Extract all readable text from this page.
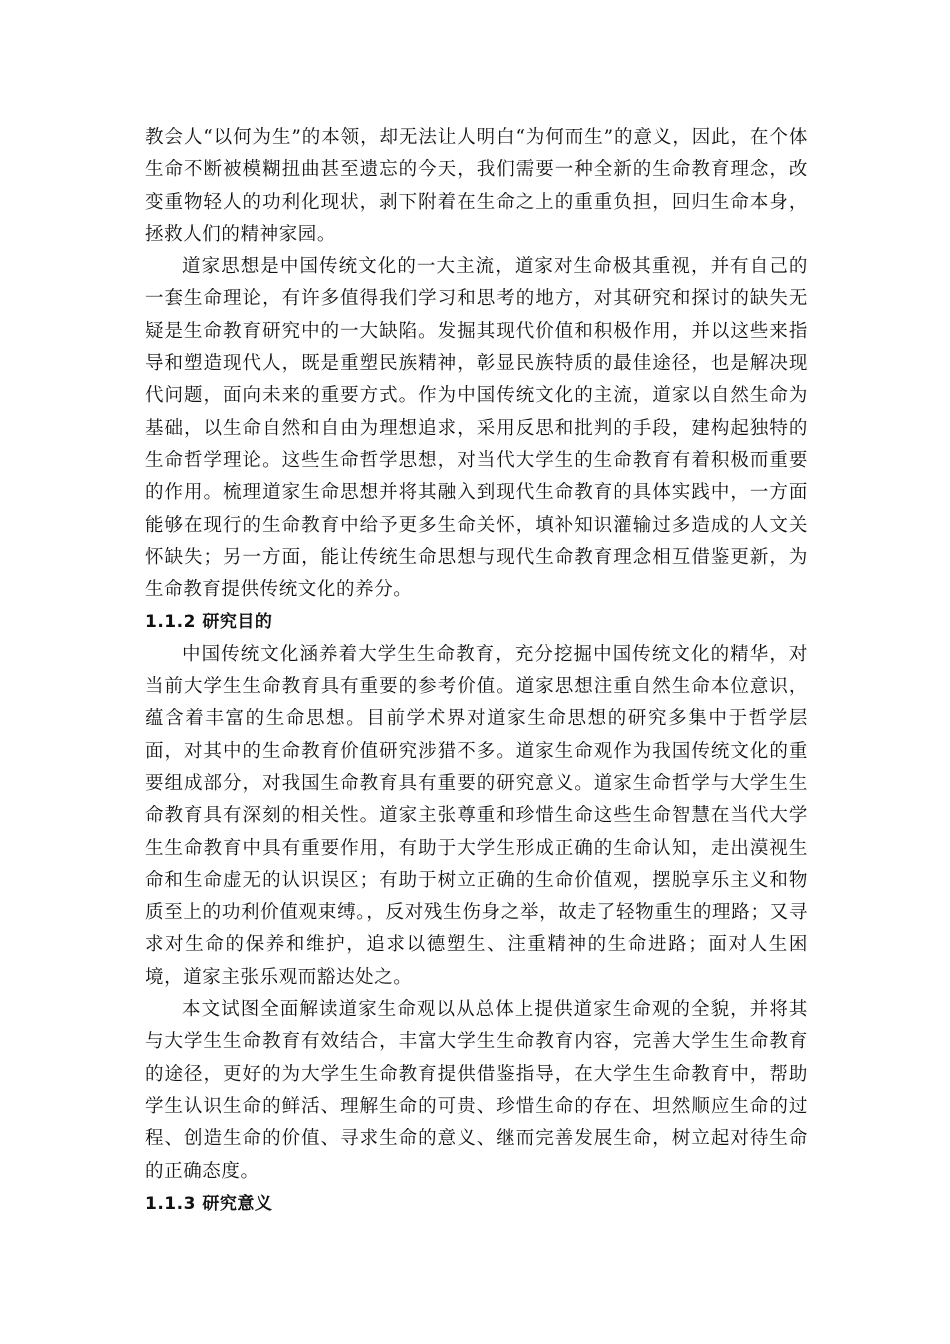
教会人“以何为生”的本领，却无法让人明白“为何而生”的意义，因此，在个体生命不断被模糊扭曲甚至遗忘的今天，我们需要一种全新的生命教育理念，改变重物轻人的功利化现状，剥下附着在生命之上的重重负担，回归生命本身，拯救人们的精神家园。

道家思想是中国传统文化的一大主流，道家对生命极其重视，并有自己的一套生命理论，有许多值得我们学习和思考的地方，对其研究和探讨的缺失无疑是生命教育研究中的一大缺陷。发掘其现代价值和积极作用，并以这些来指导和塑造现代人，既是重塑民族精神，彰显民族特质的最佳途径，也是解决现代问题，面向未来的重要方式。作为中国传统文化的主流，道家以自然生命为基础，以生命自然和自由为理想追求，采用反思和批判的手段，建构起独特的生命哲学理论。这些生命哲学思想，对当代大学生的生命教育有着积极而重要的作用。梳理道家生命思想并将其融入到现代生命教育的具体实践中，一方面能够在现行的生命教育中给予更多生命关怀，填补知识灌输过多造成的人文关怀缺失；另一方面，能让传统生命思想与现代生命教育理念相互借鉴更新，为生命教育提供传统文化的养分。

1.1.2 研究目的

中国传统文化涵养着大学生生命教育，充分挖掘中国传统文化的精华，对当前大学生生命教育具有重要的参考价值。道家思想注重自然生命本位意识，蕴含着丰富的生命思想。目前学术界对道家生命思想的研究多集中于哲学层面，对其中的生命教育价值研究涉猎不多。道家生命观作为我国传统文化的重要组成部分，对我国生命教育具有重要的研究意义。道家生命哲学与大学生生命教育具有深刻的相关性。道家主张尊重和珍惜生命这些生命智慧在当代大学生生命教育中具有重要作用，有助于大学生形成正确的生命认知，走出漠视生命和生命虚无的认识误区；有助于树立正确的生命价值观，摆脱享乐主义和物质至上的功利价值观束缚。，反对残生伤身之举，故走了轻物重生的理路；又寻求对生命的保养和维护，追求以德塑生、注重精神的生命进路；面对人生困境，道家主张乐观而豁达处之。

本文试图全面解读道家生命观以从总体上提供道家生命观的全貌，并将其与大学生生命教育有效结合，丰富大学生生命教育内容，完善大学生生命教育的途径，更好的为大学生生命教育提供借鉴指导，在大学生生命教育中，帮助学生认识生命的鲜活、理解生命的可贵、珍惜生命的存在、坦然顺应生命的过程、创造生命的价值、寻求生命的意义、继而完善发展生命，树立起对待生命的正确态度。

1.1.3 研究意义
